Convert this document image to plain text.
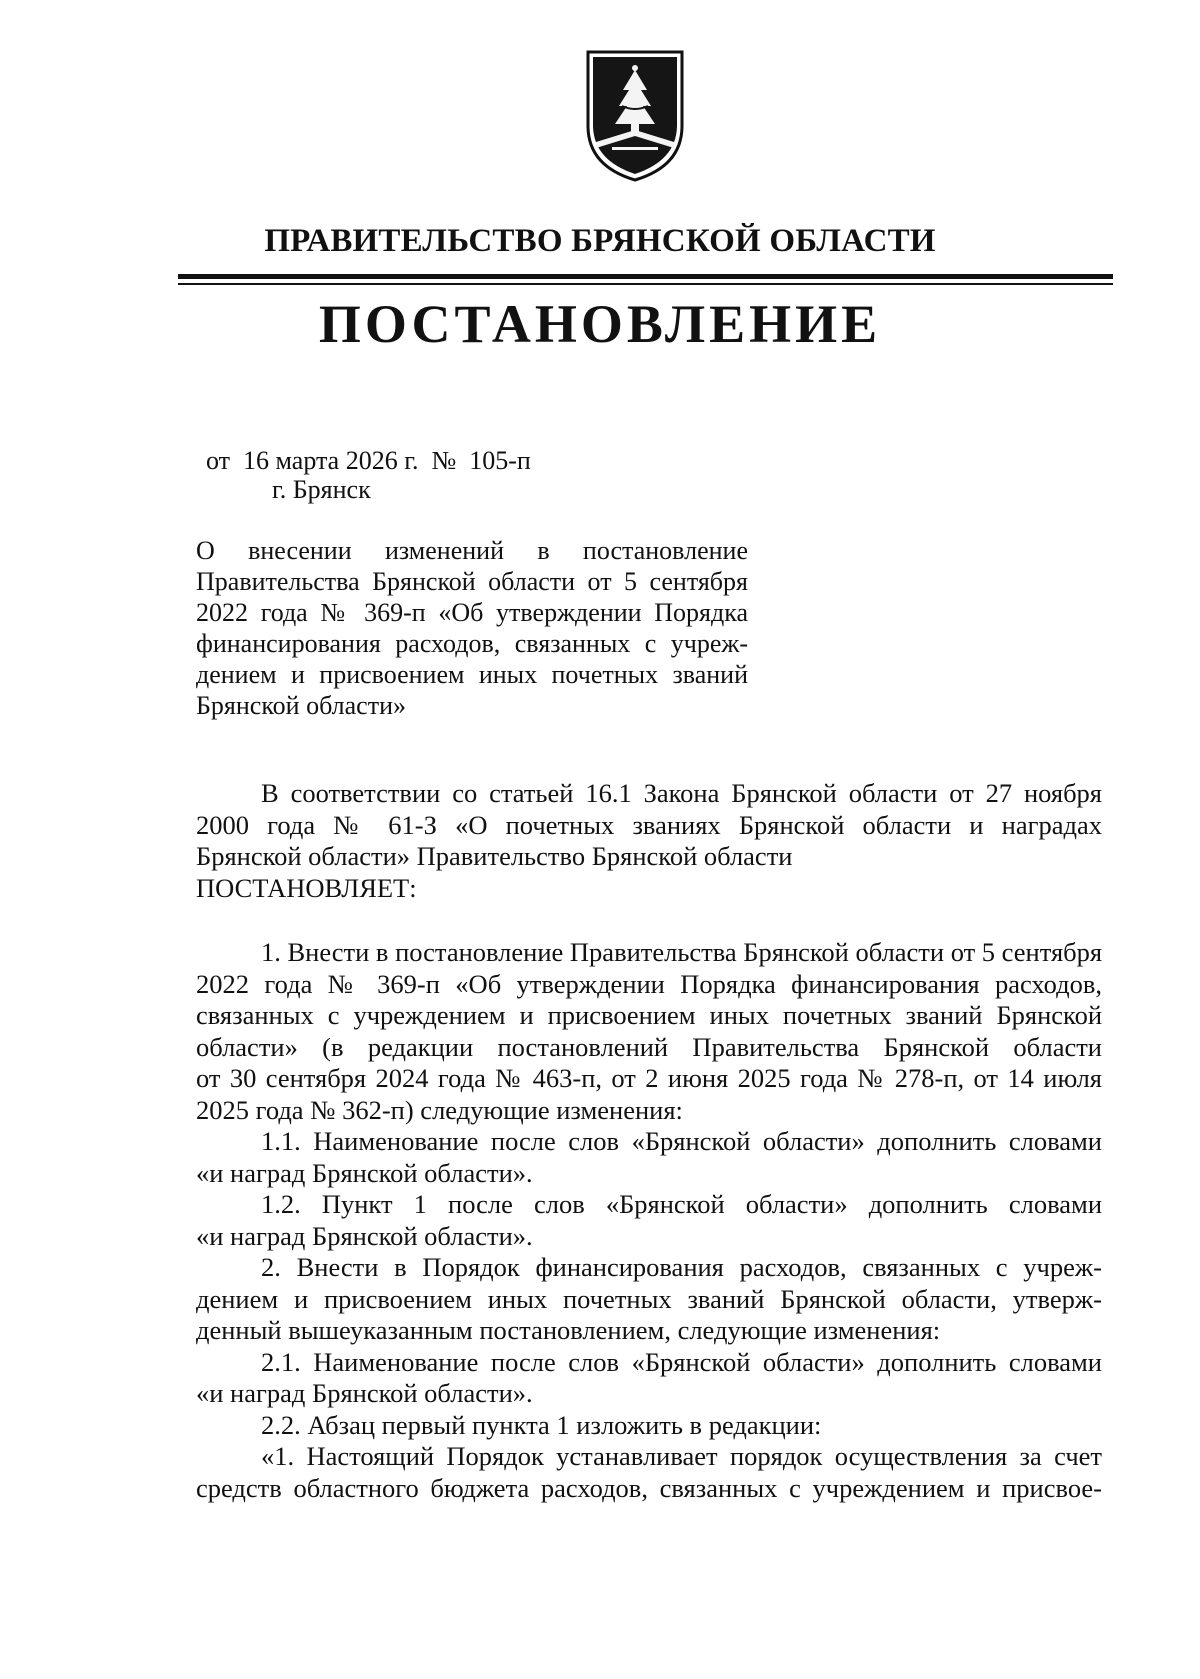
ПРАВИТЕЛЬСТВО БРЯНСКОЙ ОБЛАСТИ
ПОСТАНОВЛЕНИЕ
от  16 марта 2026 г.  №  105-п
г. Брянск
О    внесении    изменений    в    постановление
Правительства Брянской области от 5 сентября
2022 года № 369-п «Об утверждении Порядка
финансирования расходов, связанных с учреж-
дением и присвоением иных почетных званий
Брянской области»
В соответствии со статьей 16.1 Закона Брянской области от 27 ноября
2000 года № 61-З «О почетных званиях Брянской области и наградах
Брянской области» Правительство Брянской области
ПОСТАНОВЛЯЕТ:
1. Внести в постановление Правительства Брянской области от 5 сентября
2022 года № 369-п «Об утверждении Порядка финансирования расходов,
связанных с учреждением и присвоением иных почетных званий Брянской
области» (в редакции постановлений Правительства Брянской области
от 30 сентября 2024 года № 463-п, от 2 июня 2025 года № 278-п, от 14 июля
2025 года № 362-п) следующие изменения:
1.1. Наименование после слов «Брянской области» дополнить словами
«и наград Брянской области».
1.2. Пункт 1 после слов «Брянской области» дополнить словами
«и наград Брянской области».
2. Внести в Порядок финансирования расходов, связанных с учреж-
дением и присвоением иных почетных званий Брянской области, утверж-
денный вышеуказанным постановлением, следующие изменения:
2.1. Наименование после слов «Брянской области» дополнить словами
«и наград Брянской области».
2.2. Абзац первый пункта 1 изложить в редакции:
«1. Настоящий Порядок устанавливает порядок осуществления за счет
средств областного бюджета расходов, связанных с учреждением и присвое-
